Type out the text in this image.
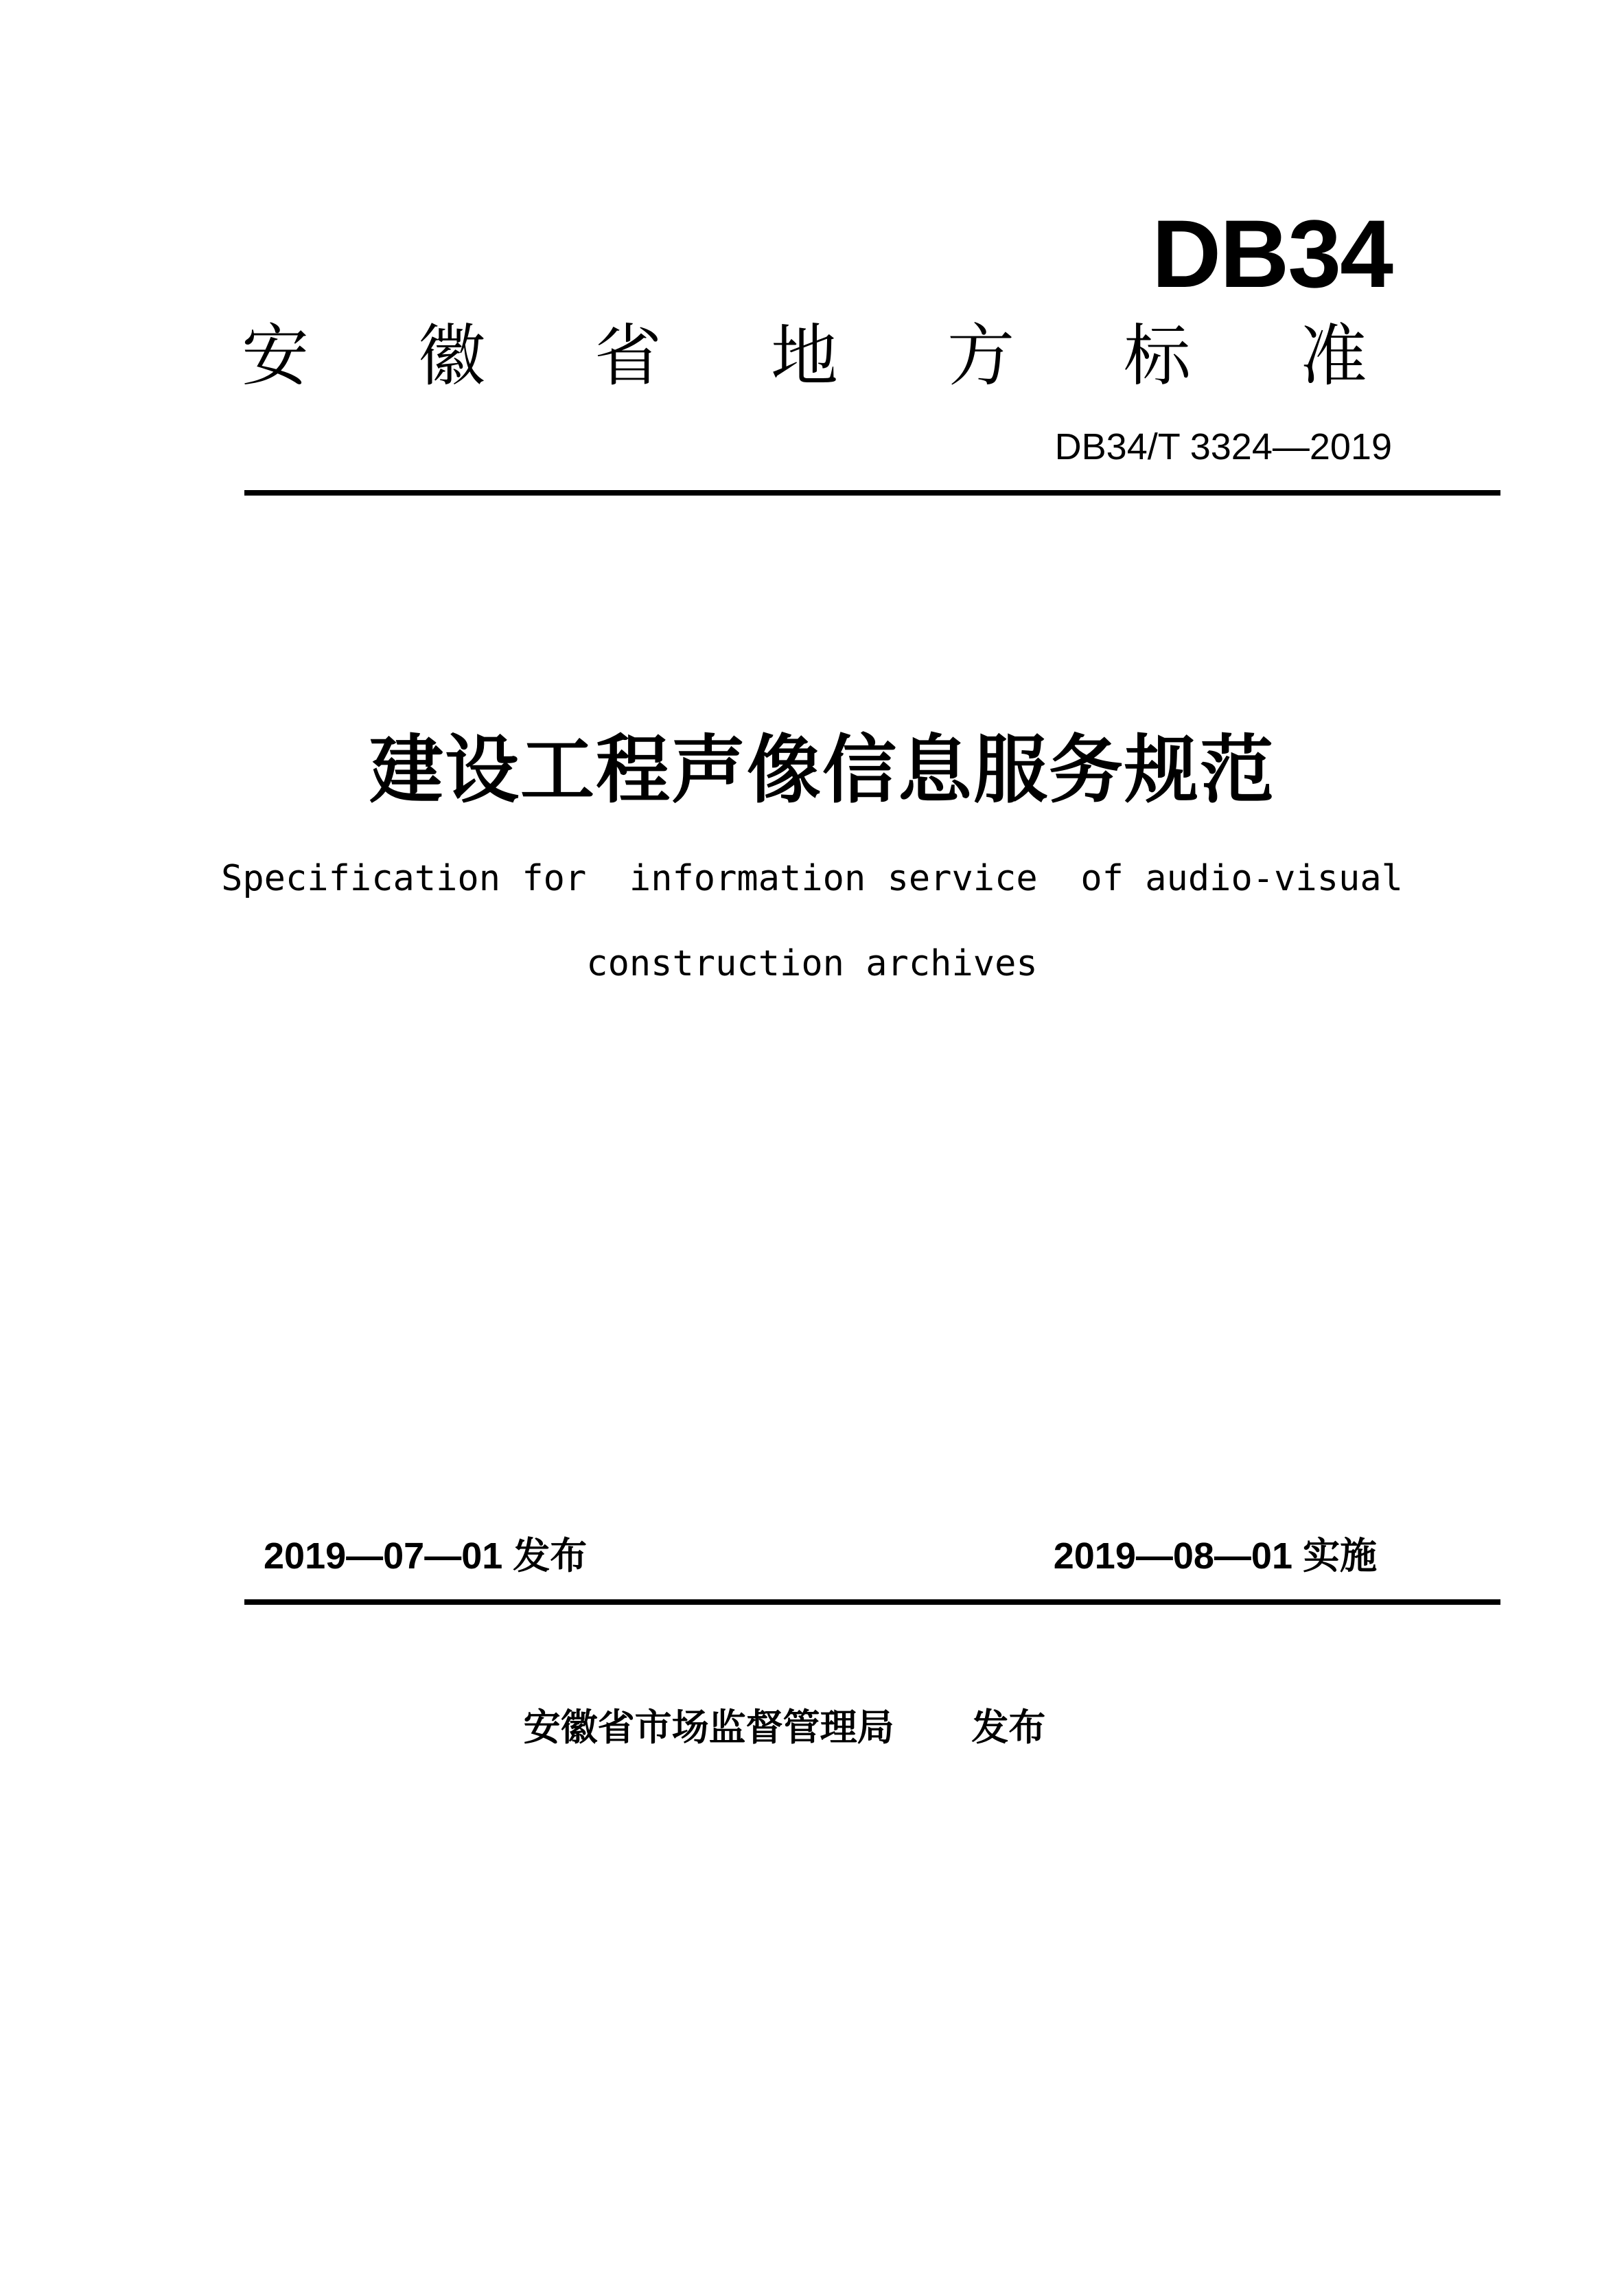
DB34
安 徽 省 地 方 标 准
DB34/T 3324—2019
建设工程声像信息服务规范
Specification for  information service  of audio-visual
construction archives
2019—07—01 发布	2019—08—01 实施
安徽省市场监督管理局 发布
